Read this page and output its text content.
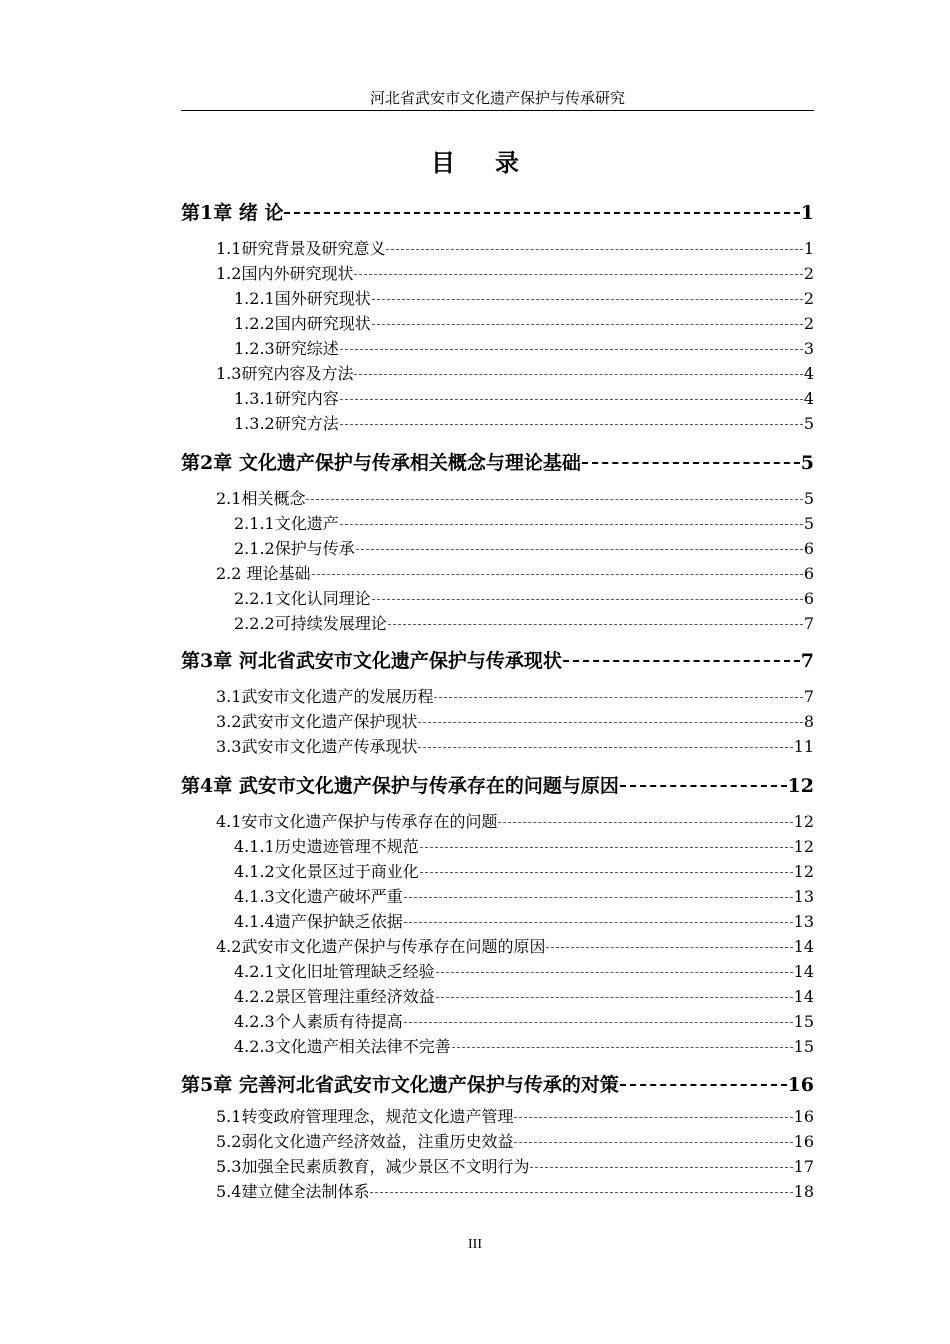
河北省武安市文化遗产保护与传承研究
目录
第1章 绪 论	1
1.1研究背景及研究意义	1
1.2国内外研究现状	2
1.2.1国外研究现状	2
1.2.2国内研究现状	2
1.2.3研究综述	3
1.3研究内容及方法	4
1.3.1研究内容	4
1.3.2研究方法	5
第2章 文化遗产保护与传承相关概念与理论基础	5
2.1相关概念	5
2.1.1文化遗产	5
2.1.2保护与传承	6
2.2 理论基础	6
2.2.1文化认同理论	6
2.2.2可持续发展理论	7
第3章 河北省武安市文化遗产保护与传承现状	7
3.1武安市文化遗产的发展历程	7
3.2武安市文化遗产保护现状	8
3.3武安市文化遗产传承现状	11
第4章 武安市文化遗产保护与传承存在的问题与原因	12
4.1安市文化遗产保护与传承存在的问题	12
4.1.1历史遗迹管理不规范	12
4.1.2文化景区过于商业化	12
4.1.3文化遗产破坏严重	13
4.1.4遗产保护缺乏依据	13
4.2武安市文化遗产保护与传承存在问题的原因	14
4.2.1文化旧址管理缺乏经验	14
4.2.2景区管理注重经济效益	14
4.2.3个人素质有待提高	15
4.2.3文化遗产相关法律不完善	15
第5章 完善河北省武安市文化遗产保护与传承的对策	16
5.1转变政府管理理念，规范文化遗产管理	16
5.2弱化文化遗产经济效益，注重历史效益	16
5.3加强全民素质教育，减少景区不文明行为	17
5.4建立健全法制体系	18
III
